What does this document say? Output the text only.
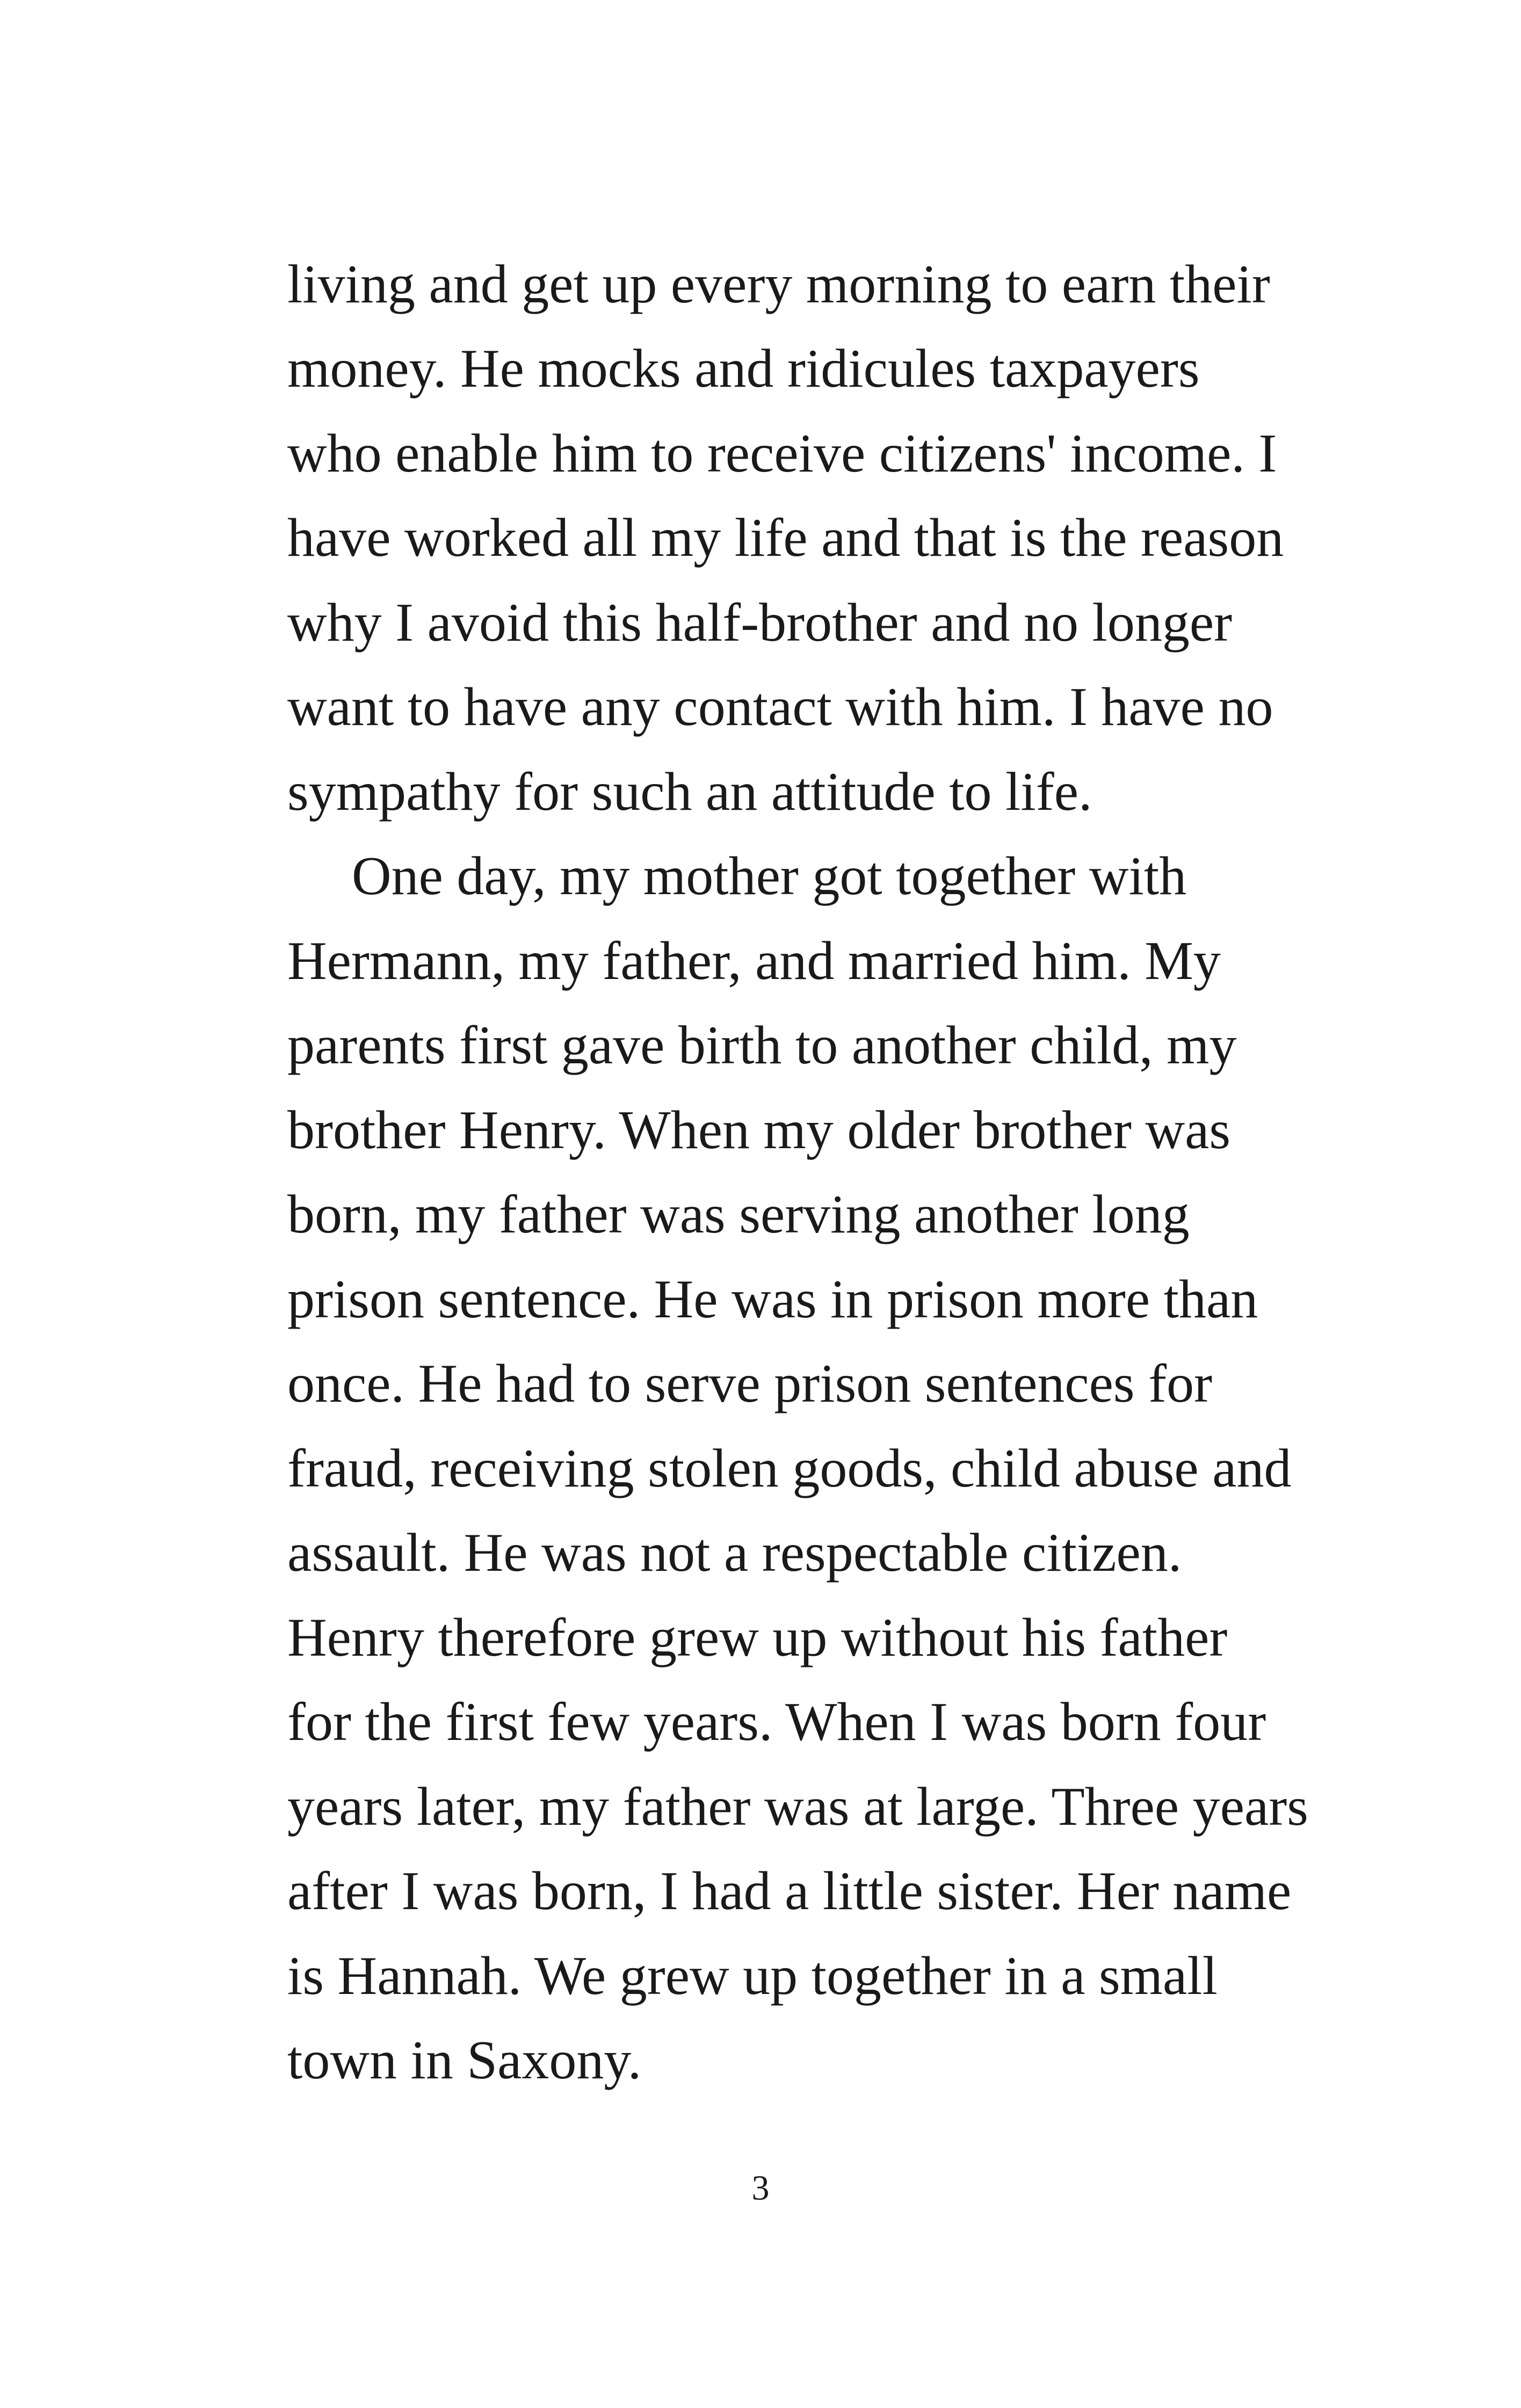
living and get up every morning to earn their

money. He mocks and ridicules taxpayers

who enable him to receive citizens' income. I

have worked all my life and that is the reason

why I avoid this half-brother and no longer

want to have any contact with him. I have no

sympathy for such an attitude to life.

One day, my mother got together with

Hermann, my father, and married him. My

parents first gave birth to another child, my

brother Henry. When my older brother was

born, my father was serving another long

prison sentence. He was in prison more than

once. He had to serve prison sentences for

fraud, receiving stolen goods, child abuse and

assault. He was not a respectable citizen.

Henry therefore grew up without his father

for the first few years. When I was born four

years later, my father was at large. Three years

after I was born, I had a little sister. Her name

is Hannah. We grew up together in a small

town in Saxony.

3
